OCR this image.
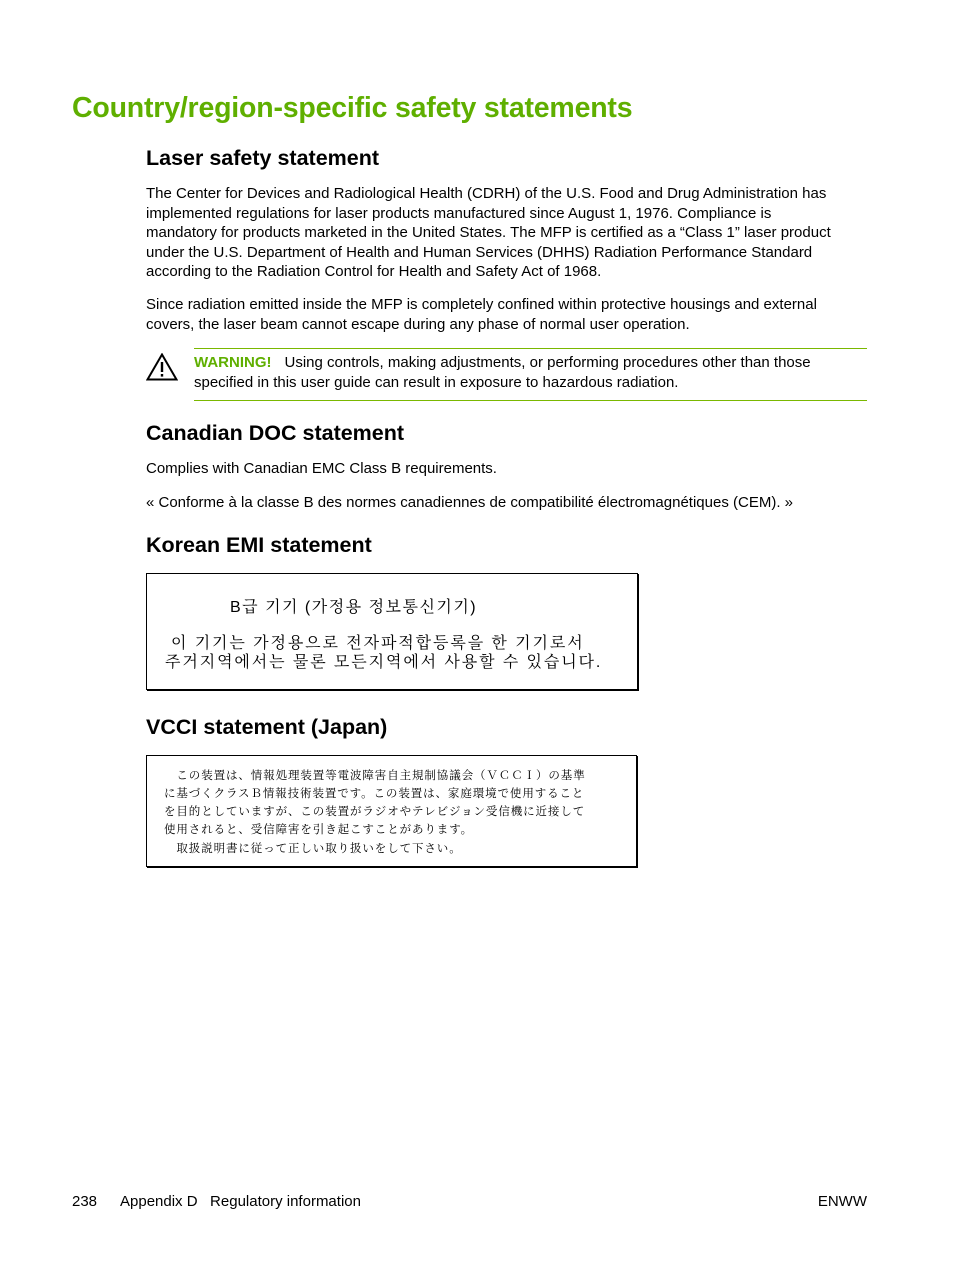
Country/region-specific safety statements
Laser safety statement

The Center for Devices and Radiological Health (CDRH) of the U.S. Food and Drug Administration has

implemented regulations for laser products manufactured since August 1, 1976. Compliance is

mandatory for products marketed in the United States. The MFP is certified as a “Class 1” laser product

under the U.S. Department of Health and Human Services (DHHS) Radiation Performance Standard

according to the Radiation Control for Health and Safety Act of 1968.

Since radiation emitted inside the MFP is completely confined within protective housings and external

covers, the laser beam cannot escape during any phase of normal user operation.

WARNING! Using controls, making adjustments, or performing procedures other than those
specified in this user guide can result in exposure to hazardous radiation.

Canadian DOC statement

Complies with Canadian EMC Class B requirements.

« Conforme à la classe B des normes canadiennes de compatibilité électromagnétiques (CEM). »

Korean EMI statement

B급 기기 (가정용 정보통신기기)

이 기기는 가정용으로 전자파적합등록을 한 기기로서

주거지역에서는 물론 모든지역에서 사용할 수 있습니다.

VCCI statement (Japan)

　この装置は、情報処理装置等電波障害自主規制協議会（ＶＣＣＩ）の基準

に基づくクラスＢ情報技術装置です。この装置は、家庭環境で使用すること

を目的としていますが、この装置がラジオやテレビジョン受信機に近接して

使用されると、受信障害を引き起こすことがあります。

　取扱説明書に従って正しい取り扱いをして下さい。

238 Appendix D   Regulatory information	ENWW
